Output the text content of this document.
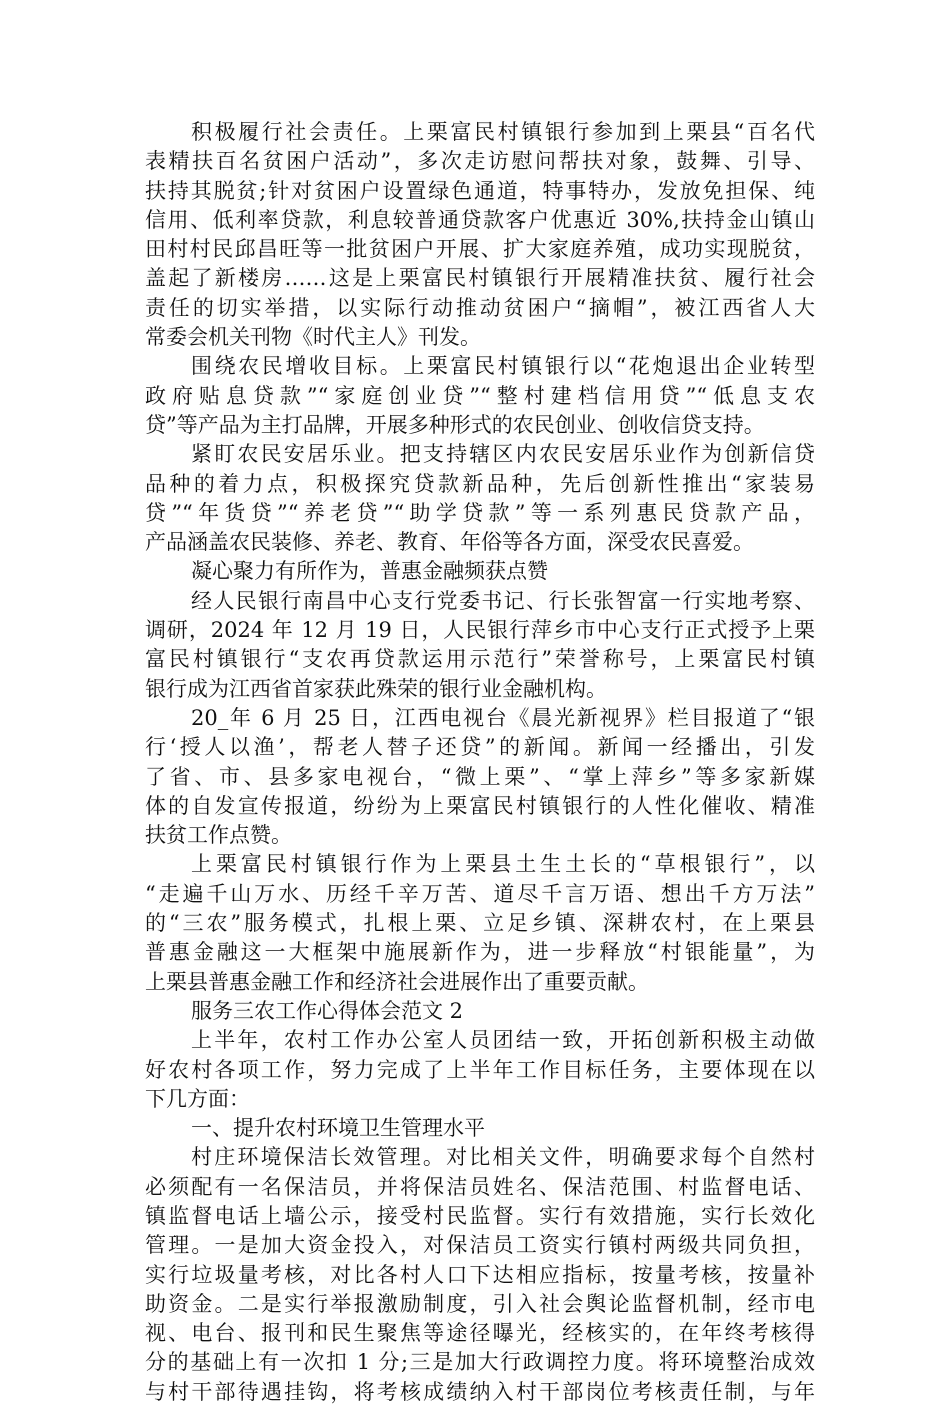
积极履行社会责任。上栗富民村镇银行参加到上栗县“百名代
表精扶百名贫困户活动”，多次走访慰问帮扶对象，鼓舞、引导、
扶持其脱贫;针对贫困户设置绿色通道，特事特办，发放免担保、纯
信用、低利率贷款，利息较普通贷款客户优惠近 30%,扶持金山镇山
田村村民邱昌旺等一批贫困户开展、扩大家庭养殖，成功实现脱贫，
盖起了新楼房……这是上栗富民村镇银行开展精准扶贫、履行社会
责任的切实举措，以实际行动推动贫困户“摘帽”，被江西省人大
常委会机关刊物《时代主人》刊发。
围绕农民增收目标。上栗富民村镇银行以“花炮退出企业转型
政府贴息贷款”“家庭创业贷”“整村建档信用贷”“低息支农
贷”等产品为主打品牌，开展多种形式的农民创业、创收信贷支持。
紧盯农民安居乐业。把支持辖区内农民安居乐业作为创新信贷
品种的着力点，积极探究贷款新品种，先后创新性推出“家装易
贷”“年货贷”“养老贷”“助学贷款”等一系列惠民贷款产品，
产品涵盖农民装修、养老、教育、年俗等各方面，深受农民喜爱。
凝心聚力有所作为，普惠金融频获点赞
经人民银行南昌中心支行党委书记、行长张智富一行实地考察、
调研，2024 年 12 月 19 日，人民银行萍乡市中心支行正式授予上栗
富民村镇银行“支农再贷款运用示范行”荣誉称号，上栗富民村镇
银行成为江西省首家获此殊荣的银行业金融机构。
20_年 6 月 25 日，江西电视台《晨光新视界》栏目报道了“银
行‘授人以渔’，帮老人替子还贷”的新闻。新闻一经播出，引发
了省、市、县多家电视台，“微上栗”、“掌上萍乡”等多家新媒
体的自发宣传报道，纷纷为上栗富民村镇银行的人性化催收、精准
扶贫工作点赞。
上栗富民村镇银行作为上栗县土生土长的“草根银行”，以
“走遍千山万水、历经千辛万苦、道尽千言万语、想出千方万法”
的“三农”服务模式，扎根上栗、立足乡镇、深耕农村，在上栗县
普惠金融这一大框架中施展新作为，进一步释放“村银能量”，为
上栗县普惠金融工作和经济社会进展作出了重要贡献。
服务三农工作心得体会范文 2
上半年，农村工作办公室人员团结一致，开拓创新积极主动做
好农村各项工作，努力完成了上半年工作目标任务，主要体现在以
下几方面：
一、提升农村环境卫生管理水平
村庄环境保洁长效管理。对比相关文件，明确要求每个自然村
必须配有一名保洁员，并将保洁员姓名、保洁范围、村监督电话、
镇监督电话上墙公示，接受村民监督。实行有效措施，实行长效化
管理。一是加大资金投入，对保洁员工资实行镇村两级共同负担，
实行垃圾量考核，对比各村人口下达相应指标，按量考核，按量补
助资金。二是实行举报激励制度，引入社会舆论监督机制，经市电
视、电台、报刊和民生聚焦等途径曝光，经核实的，在年终考核得
分的基础上有一次扣 1 分;三是加大行政调控力度。将环境整治成效
与村干部待遇挂钩，将考核成绩纳入村干部岗位考核责任制，与年
